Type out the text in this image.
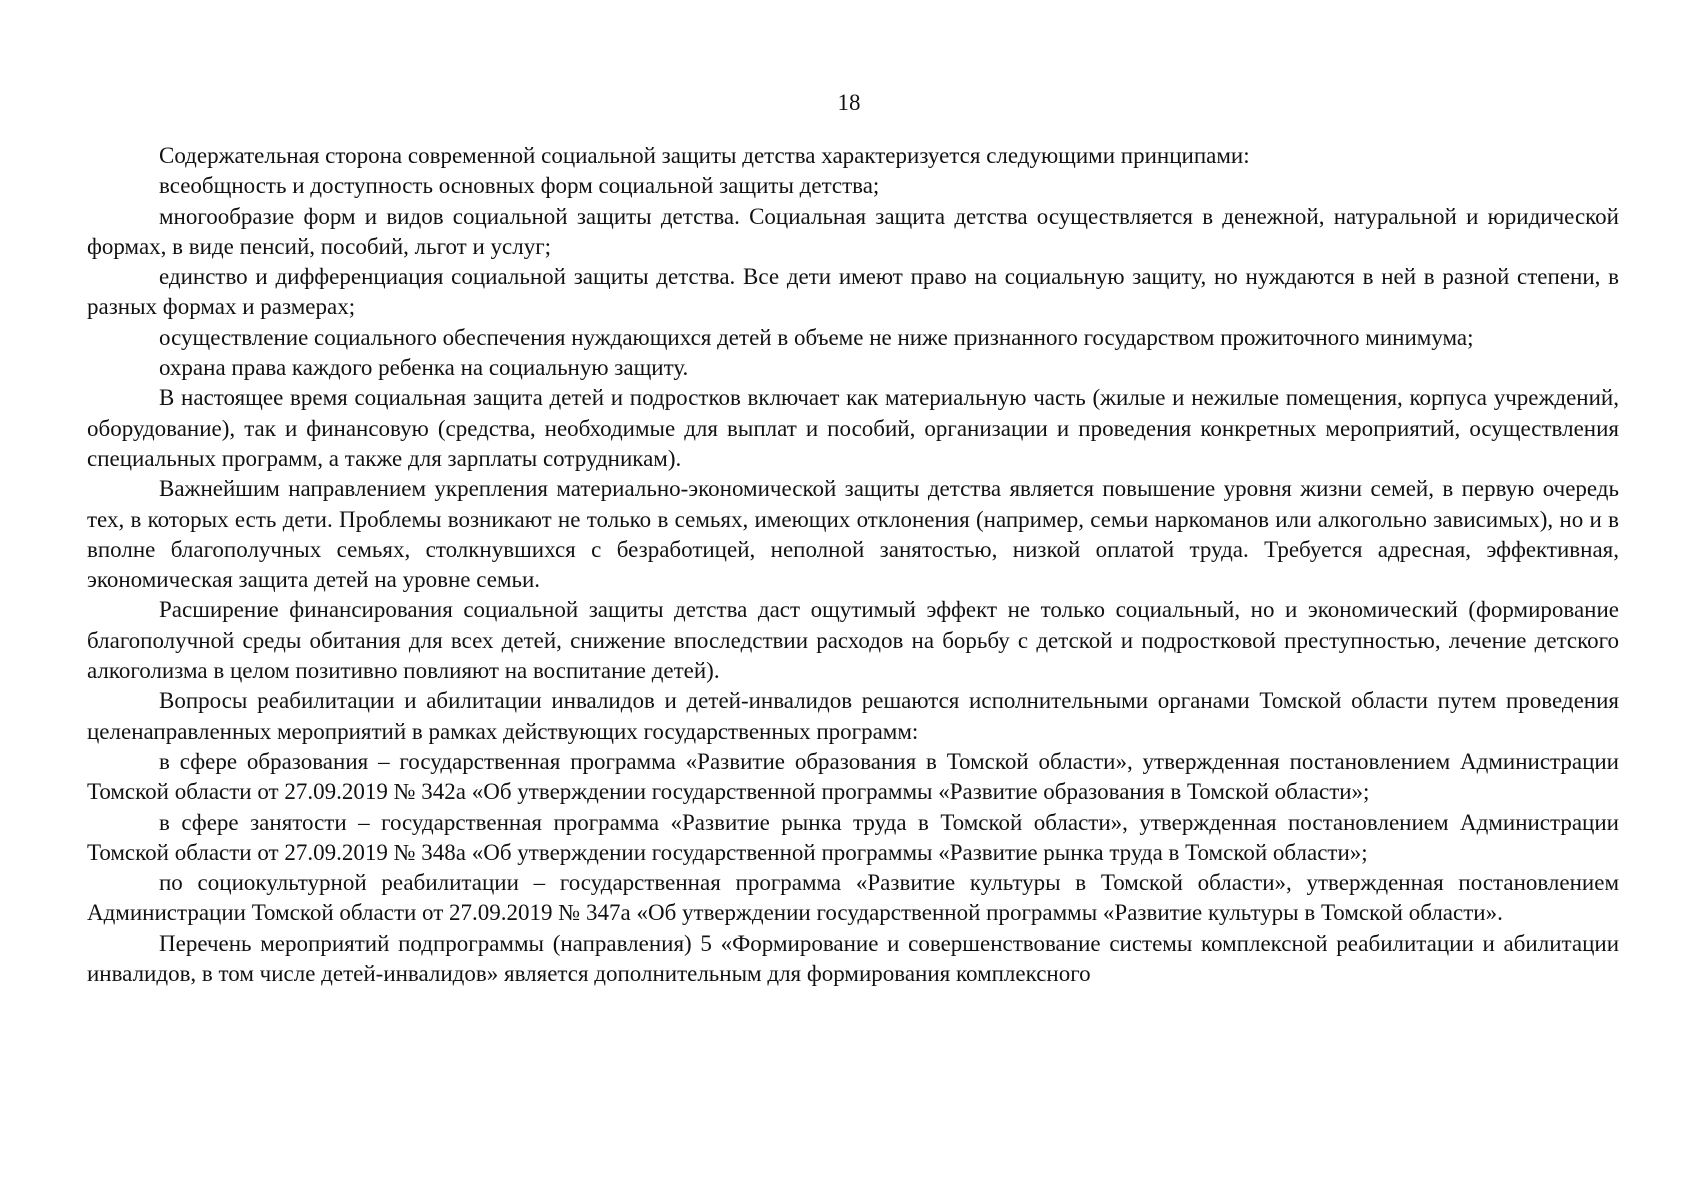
18

Содержательная сторона современной социальной защиты детства характеризуется следующими принципами:

всеобщность и доступность основных форм социальной защиты детства;

многообразие форм и видов социальной защиты детства. Социальная защита детства осуществляется в денежной, натуральной и юридической формах, в виде пенсий, пособий, льгот и услуг;

единство и дифференциация социальной защиты детства. Все дети имеют право на социальную защиту, но нуждаются в ней в разной степени, в разных формах и размерах;

осуществление социального обеспечения нуждающихся детей в объеме не ниже признанного государством прожиточного минимума;

охрана права каждого ребенка на социальную защиту.

В настоящее время социальная защита детей и подростков включает как материальную часть (жилые и нежилые помещения, корпуса учреждений, оборудование), так и финансовую (средства, необходимые для выплат и пособий, организации и проведения конкретных мероприятий, осуществления специальных программ, а также для зарплаты сотрудникам).

Важнейшим направлением укрепления материально-экономической защиты детства является повышение уровня жизни семей, в первую очередь тех, в которых есть дети. Проблемы возникают не только в семьях, имеющих отклонения (например, семьи наркоманов или алкогольно зависимых), но и в вполне благополучных семьях, столкнувшихся с безработицей, неполной занятостью, низкой оплатой труда. Требуется адресная, эффективная, экономическая защита детей на уровне семьи.

Расширение финансирования социальной защиты детства даст ощутимый эффект не только социальный, но и экономический (формирование благополучной среды обитания для всех детей, снижение впоследствии расходов на борьбу с детской и подростковой преступностью, лечение детского алкоголизма в целом позитивно повлияют на воспитание детей).

Вопросы реабилитации и абилитации инвалидов и детей-инвалидов решаются исполнительными органами Томской области путем проведения целенаправленных мероприятий в рамках действующих государственных программ:

в сфере образования – государственная программа «Развитие образования в Томской области», утвержденная постановлением Администрации Томской области от 27.09.2019 № 342а «Об утверждении государственной программы «Развитие образования в Томской области»;

в сфере занятости – государственная программа «Развитие рынка труда в Томской области», утвержденная постановлением Администрации Томской области от 27.09.2019 № 348а «Об утверждении государственной программы «Развитие рынка труда в Томской области»;

по социокультурной реабилитации – государственная программа «Развитие культуры в Томской области», утвержденная постановлением Администрации Томской области от 27.09.2019 № 347а «Об утверждении государственной программы «Развитие культуры в Томской области».

Перечень мероприятий подпрограммы (направления) 5 «Формирование и совершенствование системы комплексной реабилитации и абилитации инвалидов, в том числе детей-инвалидов» является дополнительным для формирования комплексного
